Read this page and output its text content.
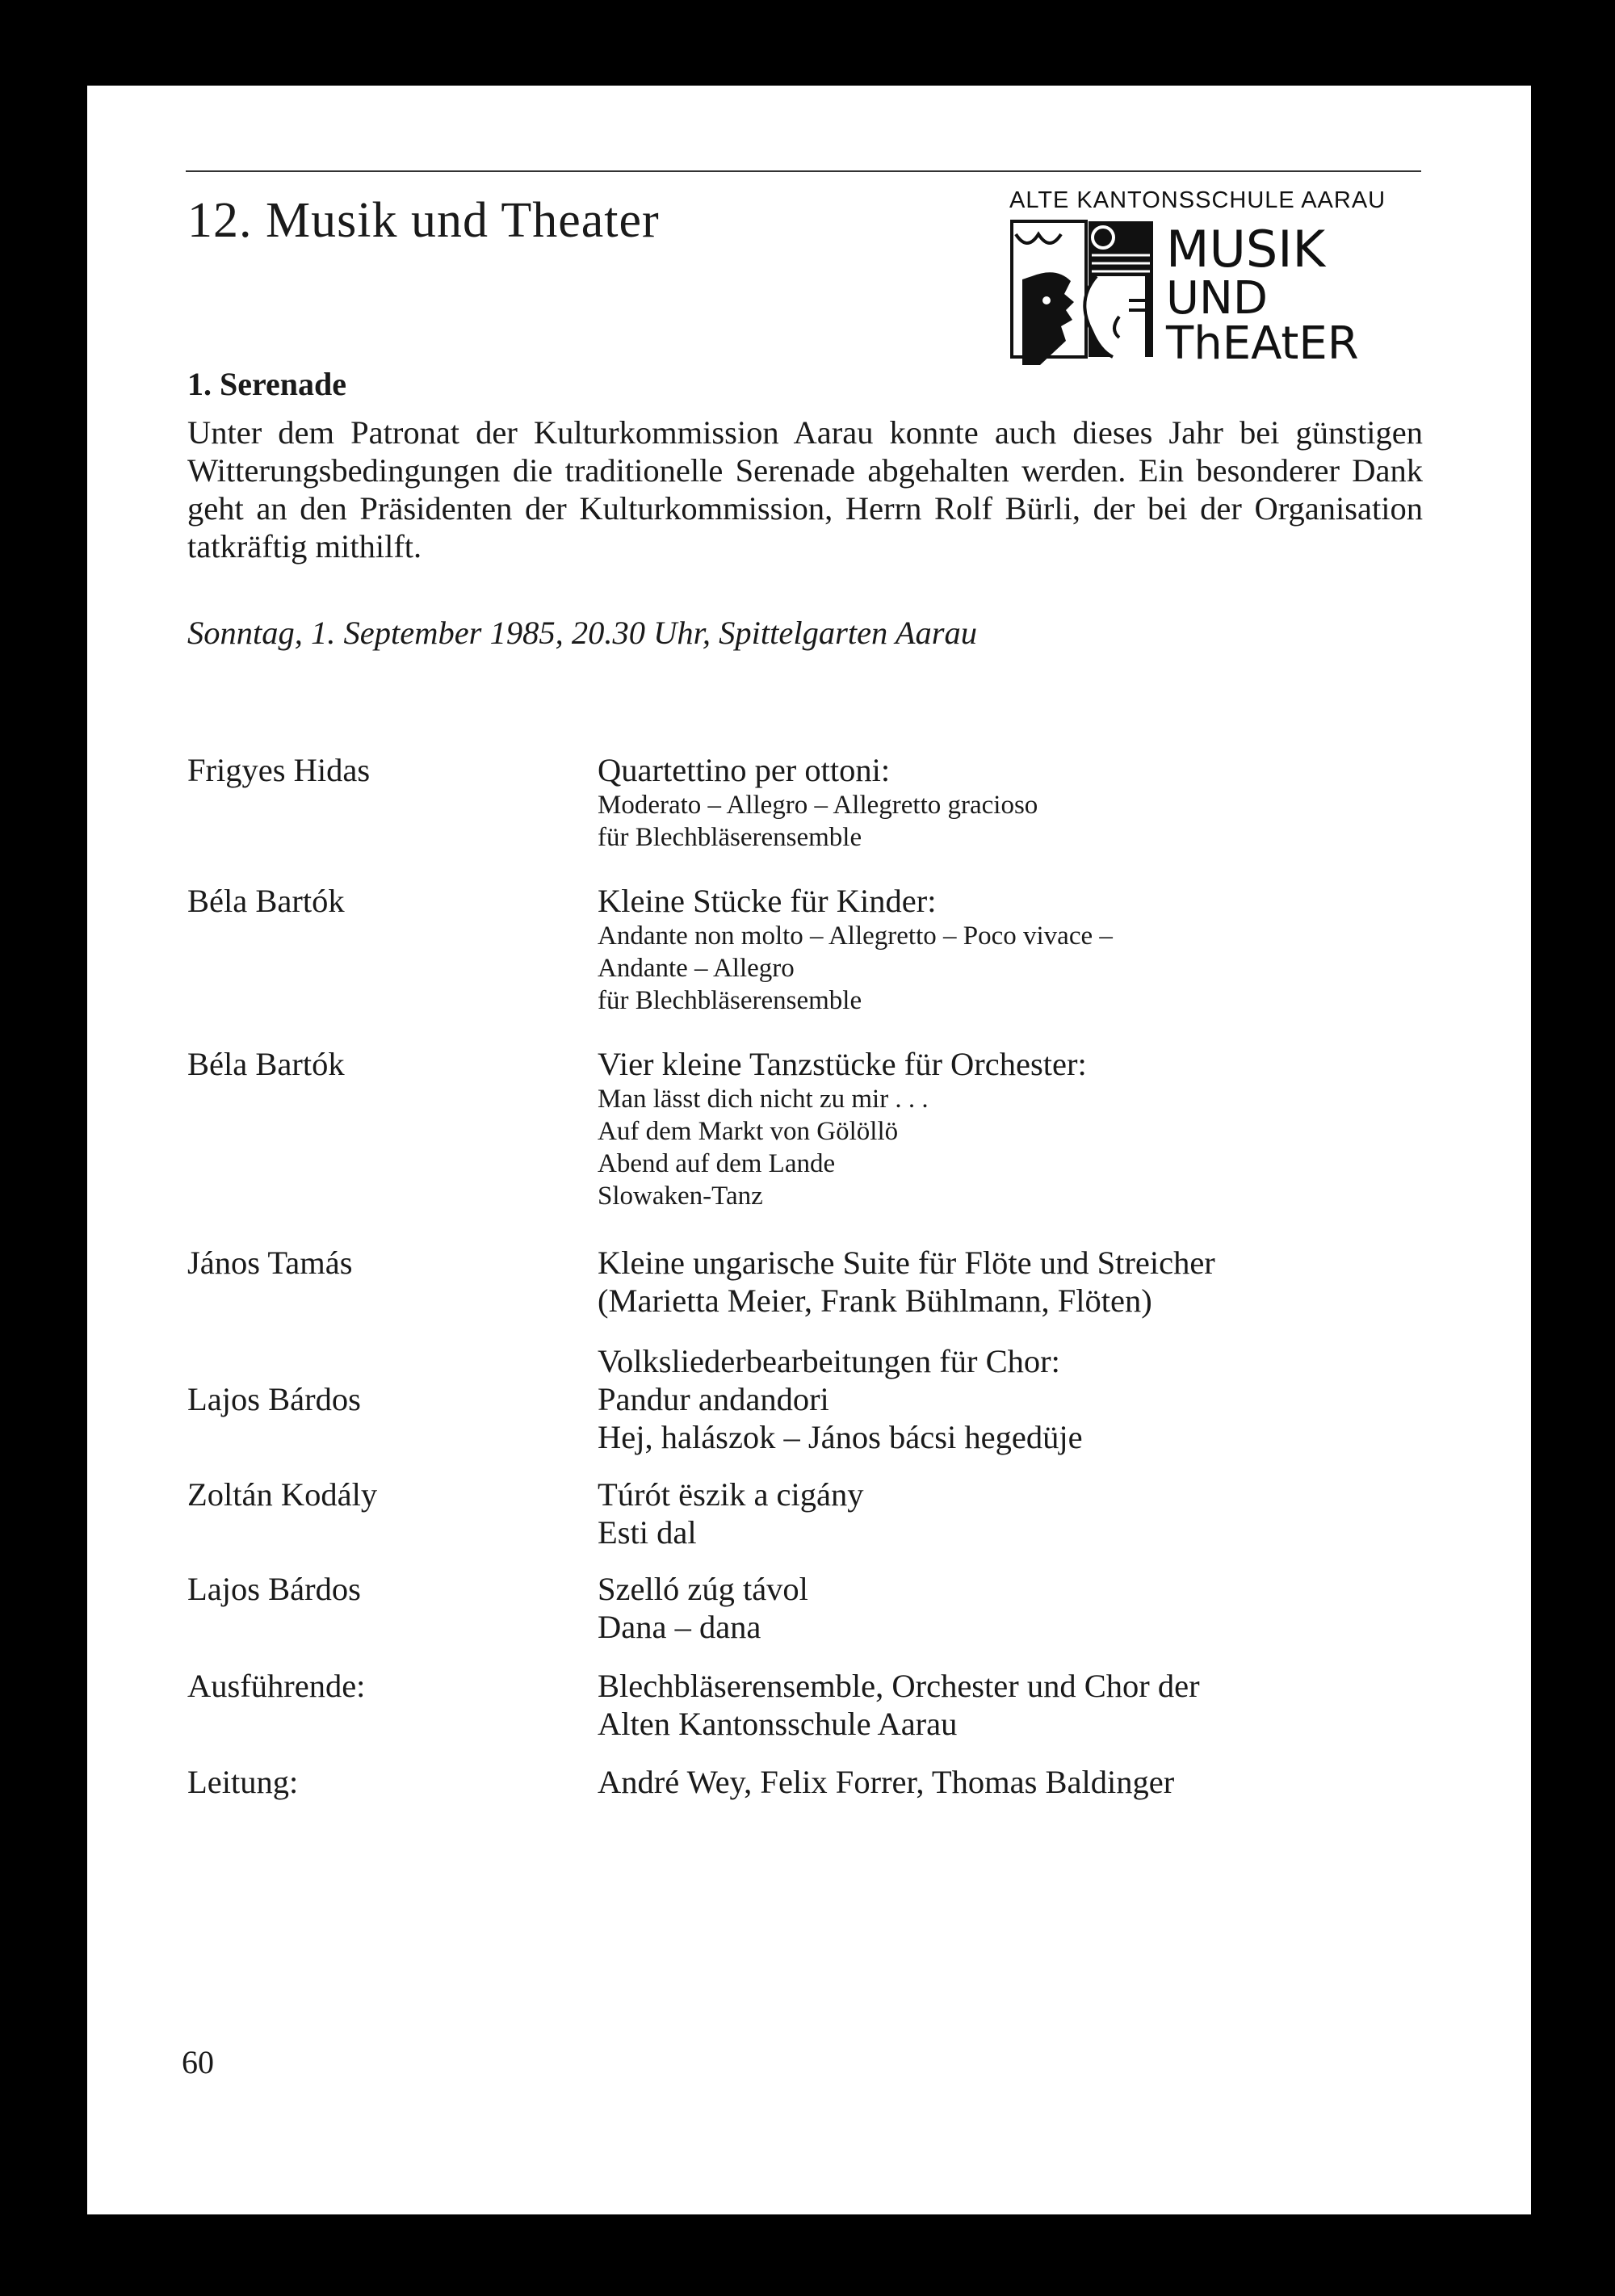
12. Musik und Theater	ALTE KANTONSSCHULE AARAU
MUSIK
UND
ThEAtER
1. Serenade

Unter dem Patronat der Kulturkommission Aarau konnte auch dieses Jahr bei günstigen Witterungsbedingungen die traditionelle Serenade abgehalten werden. Ein besonderer Dank geht an den Präsidenten der Kulturkommission, Herrn Rolf Bürli, der bei der Organisation tatkräftig mithilft.

Sonntag, 1. September 1985, 20.30 Uhr, Spittelgarten Aarau
Frigyes Hidas	Quartettino per ottoni:
Moderato – Allegro – Allegretto gracioso
für Blechbläserensemble
Béla Bartók	Kleine Stücke für Kinder:
Andante non molto – Allegretto – Poco vivace –
Andante – Allegro
für Blechbläserensemble
Béla Bartók	Vier kleine Tanzstücke für Orchester:
Man lässt dich nicht zu mir . . .
Auf dem Markt von Gölöllö
Abend auf dem Lande
Slowaken-Tanz
János Tamás	Kleine ungarische Suite für Flöte und Streicher
(Marietta Meier, Frank Bühlmann, Flöten)
Volksliederbearbeitungen für Chor:
Lajos Bárdos	Pandur andandori
Hej, halászok – János bácsi hegedüje
Zoltán Kodály	Túrót ëszik a cigány
Esti dal
Lajos Bárdos	Szelló zúg távol
Dana – dana
Ausführende:	Blechbläserensemble, Orchester und Chor der
Alten Kantonsschule Aarau
Leitung:	André Wey, Felix Forrer, Thomas Baldinger
60
